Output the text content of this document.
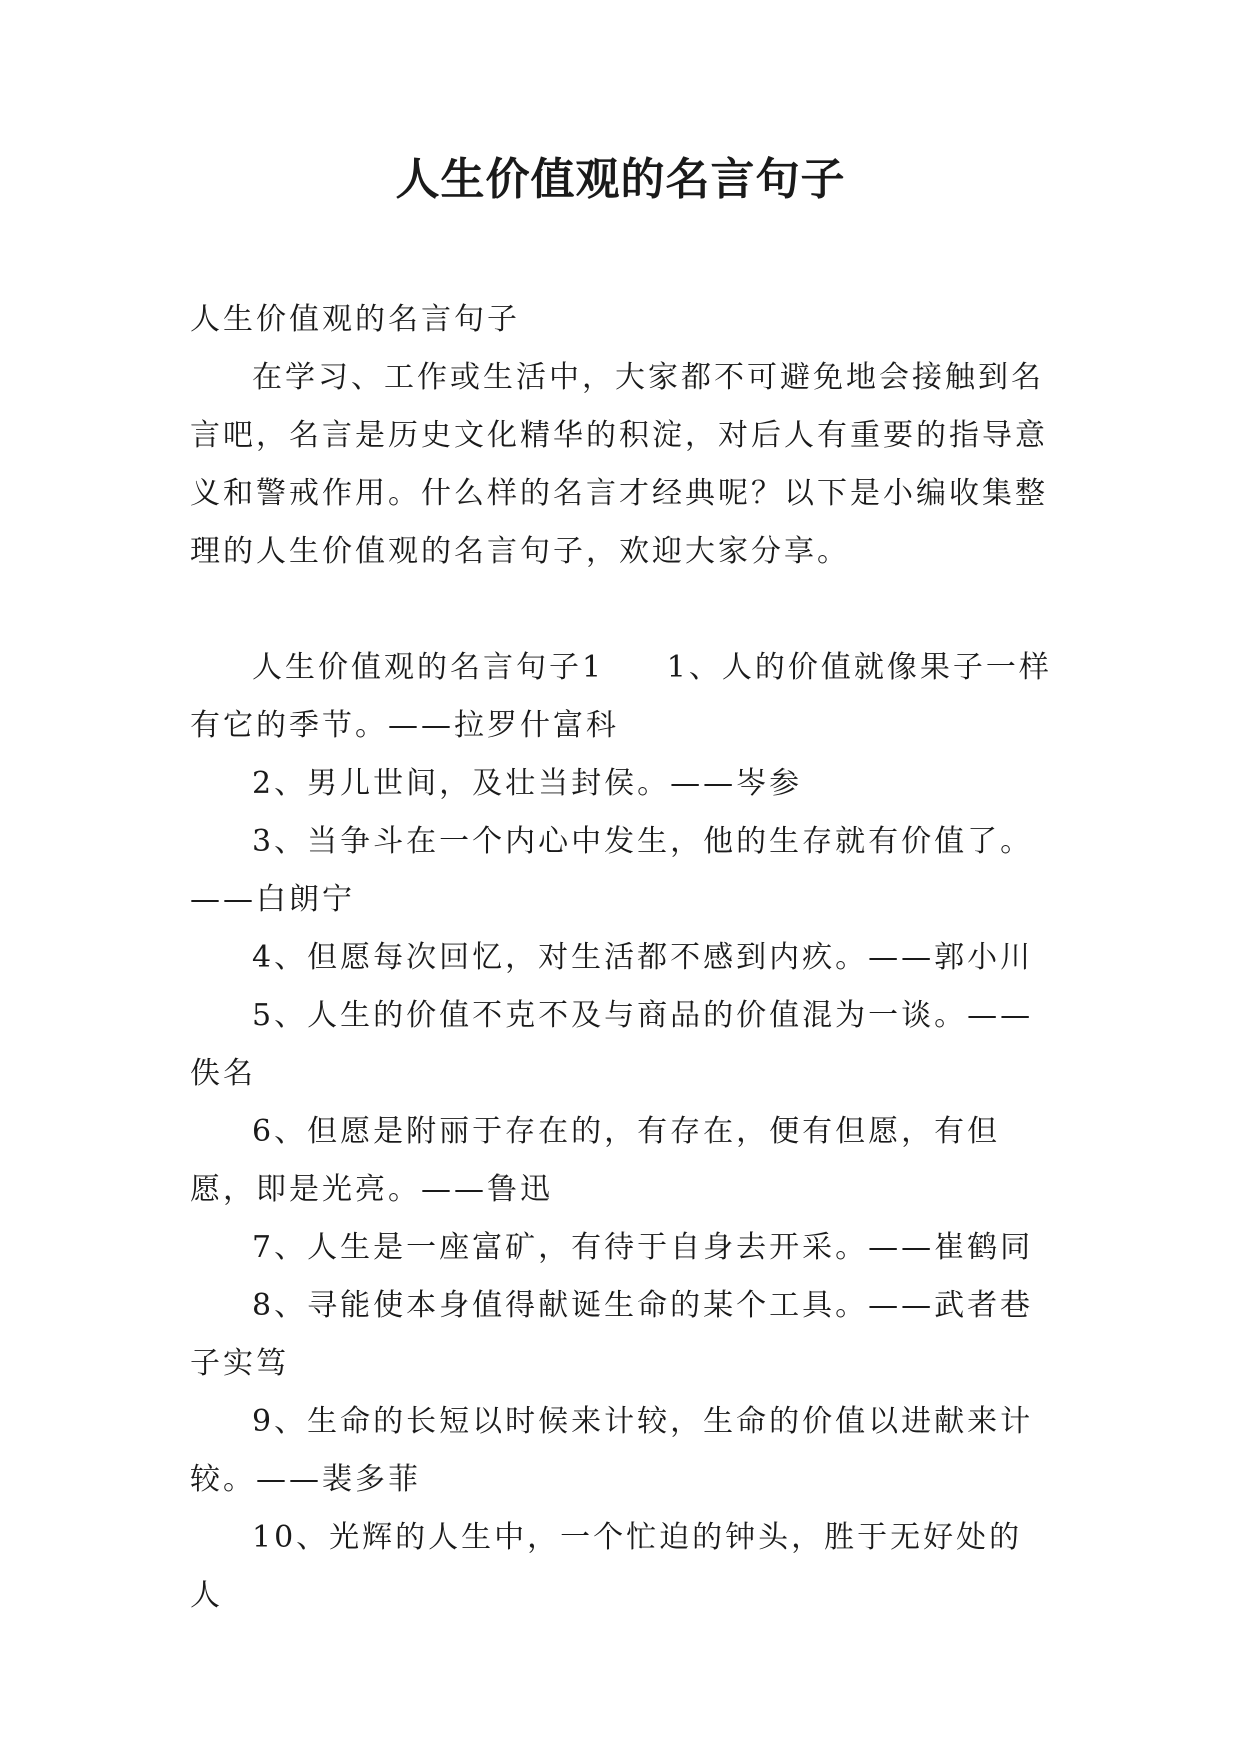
人生价值观的名言句子

人生价值观的名言句子

在学习、工作或生活中，大家都不可避免地会接触到名言吧，名言是历史文化精华的积淀，对后人有重要的指导意义和警戒作用。什么样的名言才经典呢？以下是小编收集整理的人生价值观的名言句子，欢迎大家分享。

人生价值观的名言句子1 1、人的价值就像果子一样有它的季节。——拉罗什富科

2、男儿世间，及壮当封侯。——岑参

3、当争斗在一个内心中发生，他的生存就有价值了。——白朗宁

4、但愿每次回忆，对生活都不感到内疚。——郭小川

5、人生的价值不克不及与商品的价值混为一谈。——佚名

6、但愿是附丽于存在的，有存在，便有但愿，有但愿，即是光亮。——鲁迅

7、人生是一座富矿，有待于自身去开采。——崔鹤同

8、寻能使本身值得献诞生命的某个工具。——武者巷子实笃

9、生命的长短以时候来计较，生命的价值以进献来计较。——裴多菲

10、光辉的人生中，一个忙迫的钟头，胜于无好处的人
